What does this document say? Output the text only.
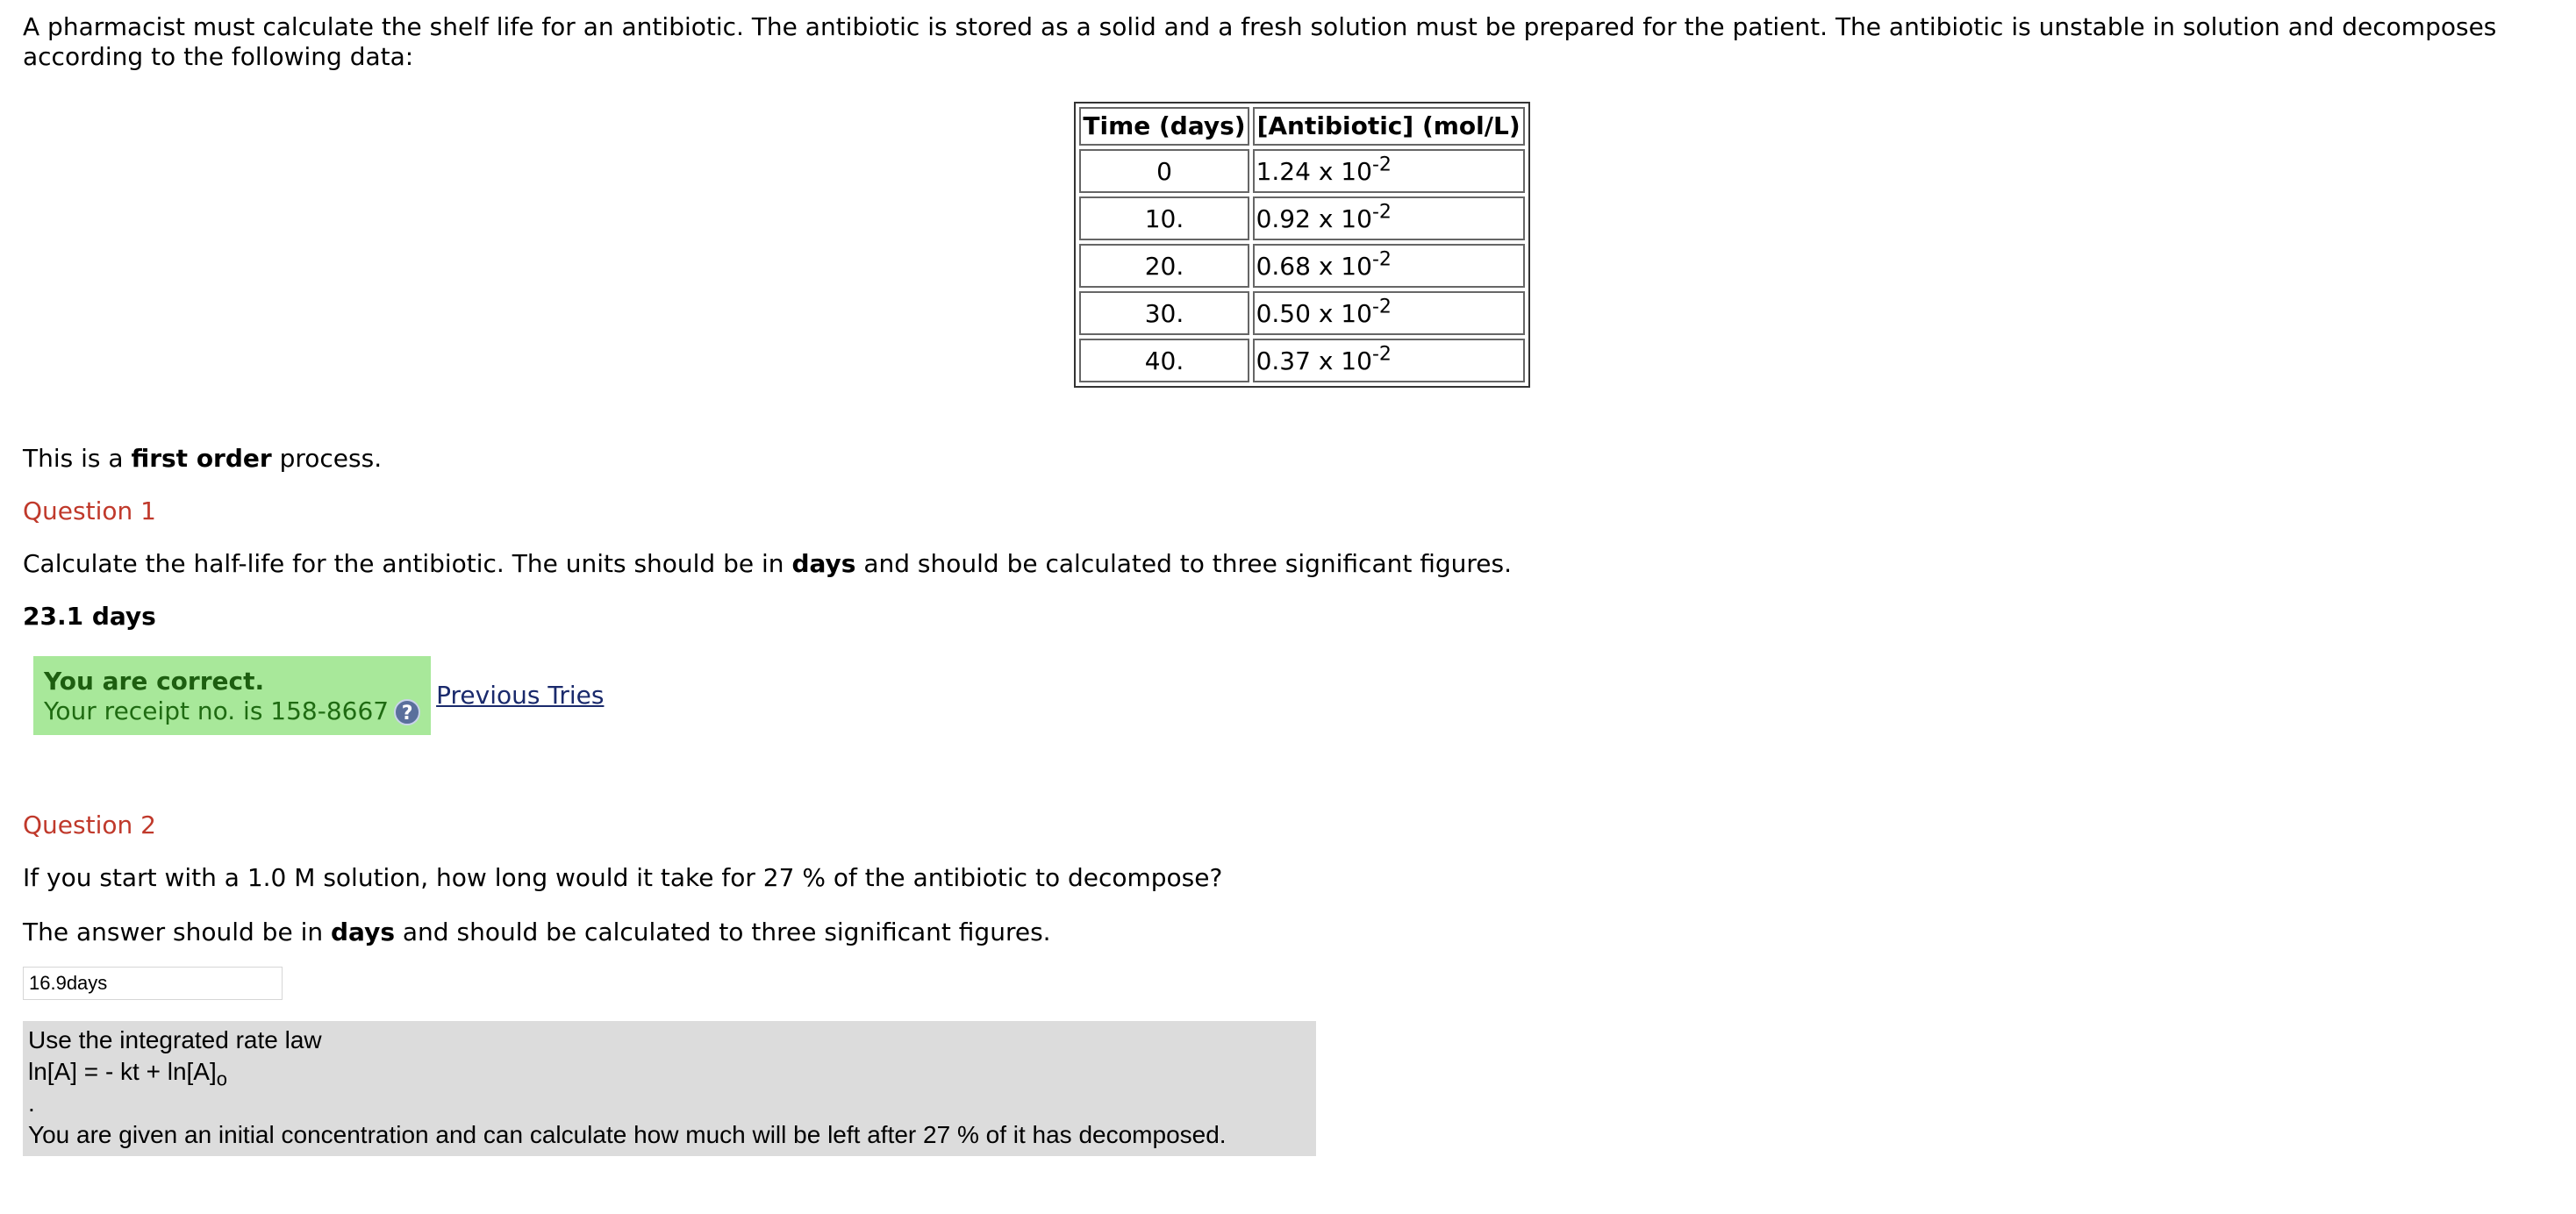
A pharmacist must calculate the shelf life for an antibiotic. The antibiotic is stored as a solid and a fresh solution must be prepared for the patient. The antibiotic is unstable in solution and decomposes according to the following data:

Time (days)	[Antibiotic] (mol/L)
0	1.24 x $10^{-2}$
10.	0.92 x $10^{-2}$
20.	0.68 x $10^{-2}$
30.	0.50 x $10^{-2}$
40.	0.37 x $10^{-2}$

This is a first order process.

Question 1

Calculate the half-life for the antibiotic. The units should be in days and should be calculated to three significant figures.

23.1 days

You are correct.
Your receipt no. is 158-8667 ?
Previous Tries

Question 2

If you start with a 1.0 M solution, how long would it take for 27 % of the antibiotic to decompose?

The answer should be in days and should be calculated to three significant figures.

16.9days
Use the integrated rate law
ln[A] = - kt + $\ln[A]_o$
.
You are given an initial concentration and can calculate how much will be left after 27 % of it has decomposed.
